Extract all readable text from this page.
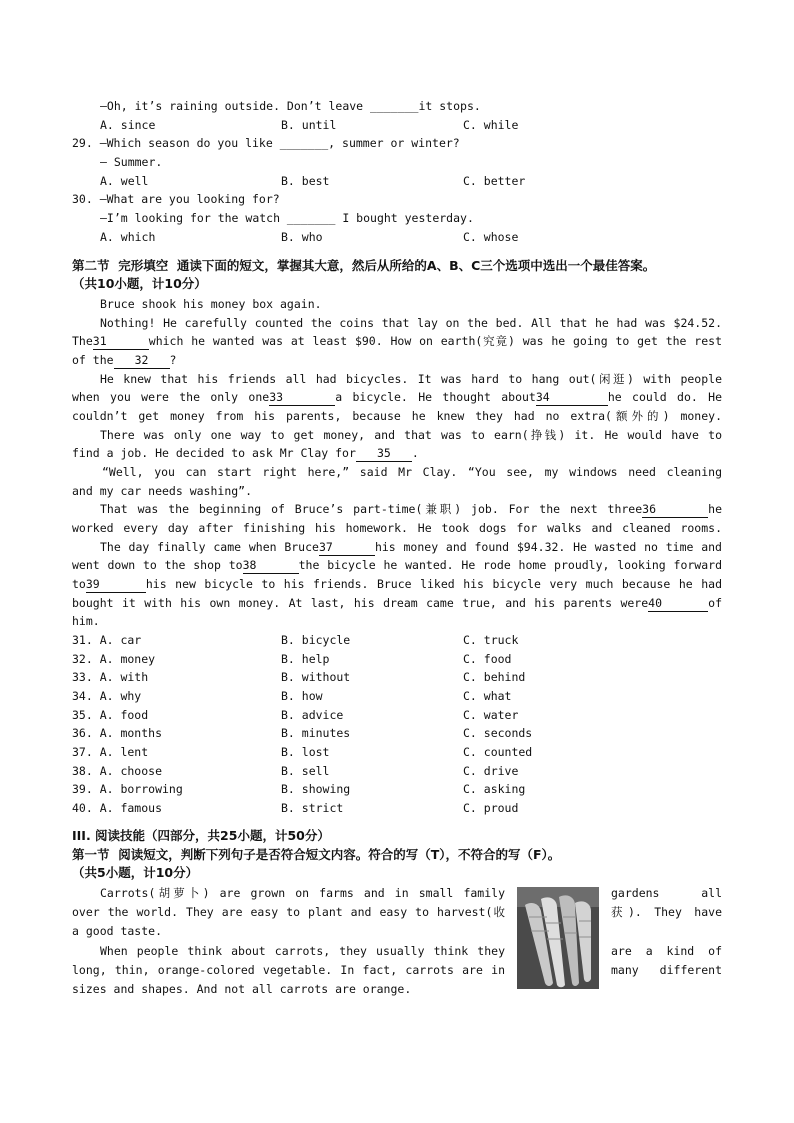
—Oh, it’s raining outside. Don’t leave _______it stops.
A. since	B. until	C. while
29. —Which season do you like _______, summer or winter?
— Summer.
A. well	B. best	C. better
30. —What are you looking for?
—I’m looking for the watch _______ I bought yesterday.
A. which	B. who	C. whose
第二节  完形填空  通读下面的短文，掌握其大意，然后从所给的A、B、C三个选项中选出一个最佳答案。
（共10小题，计10分）
Bruce shook his money box again.
Nothing! He carefully counted the coins that lay on the bed. All that he had was $24.52.
The31	which he wanted was at least $90. How on earth(究竟) was he going to get the rest
of the 32 ?
He knew that his friends all had bicycles. It was hard to hang out(闲逛) with people
when you were the only one33	a bicycle. He thought about34	he could do. He
couldn’t get money from his parents, because he knew they had no extra(额外的) money.
There was only one way to get money, and that was to earn(挣钱) it. He would have to
find a job. He decided to ask Mr Clay for 35 .
“Well, you can start right here,” said Mr Clay. “You see, my windows need cleaning
and my car needs washing”.
That was the beginning of Bruce’s part-time(兼职) job. For the next three36	he
worked every day after finishing his homework. He took dogs for walks and cleaned rooms.
The day finally came when Bruce37	his money and found $94.32. He wasted no time and
went down to the shop to38	the bicycle he wanted. He rode home proudly, looking forward
to39	his new bicycle to his friends. Bruce liked his bicycle very much because he had
bought it with his own money. At last, his dream came true, and his parents were40	of
him.
31. A. car	B. bicycle	C. truck
32. A. money	B. help	C. food
33. A. with	B. without	C. behind
34. A. why	B. how	C. what
35. A. food	B. advice	C. water
36. A. months	B. minutes	C. seconds
37. A. lent	B. lost	C. counted
38. A. choose	B. sell	C. drive
39. A. borrowing	B. showing	C. asking
40. A. famous	B. strict	C. proud
III. 阅读技能（四部分，共25小题，计50分）
第一节  阅读短文，判断下列句子是否符合短文内容。符合的写（T），不符合的写（F）。
（共5小题，计10分）
Carrots(胡萝卜) are grown on farms and in small family	gardens all
over the world. They are easy to plant and easy to harvest(收	获). They have
a good taste.
When people think about carrots, they usually think they	are a kind of
long, thin, orange-colored vegetable. In fact, carrots are in	many different
sizes and shapes. And not all carrots are orange.
